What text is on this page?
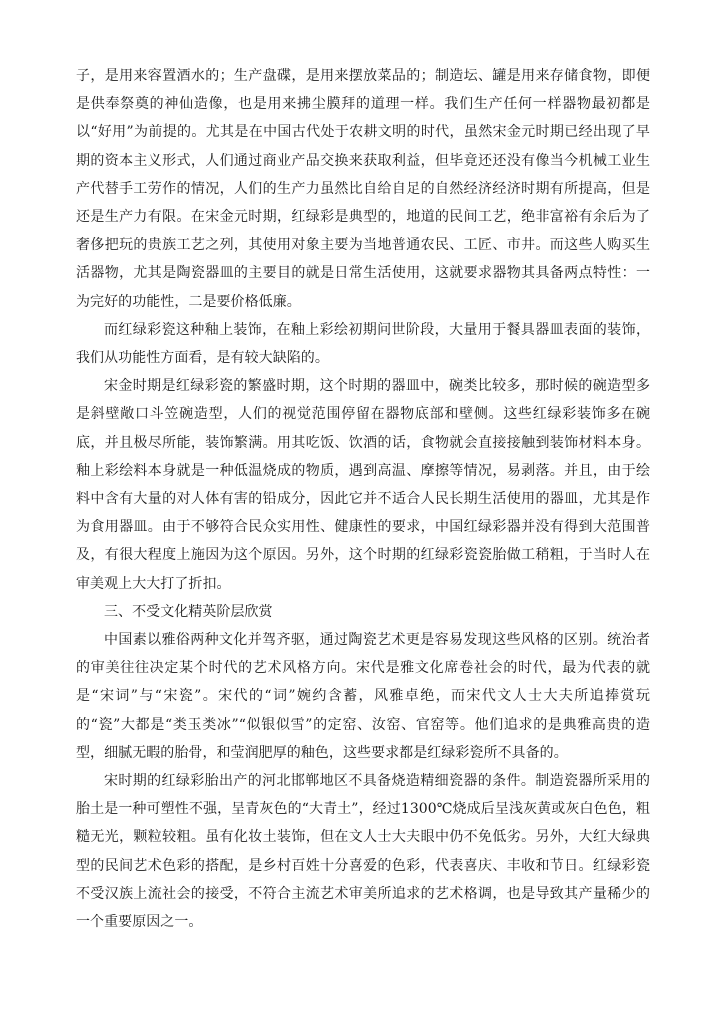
子，是用来容置酒水的；生产盘碟，是用来摆放菜品的；制造坛、罐是用来存储食物，即便是供奉祭奠的神仙造像，也是用来拂尘膜拜的道理一样。我们生产任何一样器物最初都是以“好用”为前提的。尤其是在中国古代处于农耕文明的时代，虽然宋金元时期已经出现了早期的资本主义形式，人们通过商业产品交换来获取利益，但毕竟还还没有像当今机械工业生产代替手工劳作的情况，人们的生产力虽然比自给自足的自然经济经济时期有所提高，但是还是生产力有限。在宋金元时期，红绿彩是典型的，地道的民间工艺，绝非富裕有余后为了奢侈把玩的贵族工艺之列，其使用对象主要为当地普通农民、工匠、市井。而这些人购买生活器物，尤其是陶瓷器皿的主要目的就是日常生活使用，这就要求器物其具备两点特性：一为完好的功能性，二是要价格低廉。

而红绿彩瓷这种釉上装饰，在釉上彩绘初期问世阶段，大量用于餐具器皿表面的装饰，我们从功能性方面看，是有较大缺陷的。

宋金时期是红绿彩瓷的繁盛时期，这个时期的器皿中，碗类比较多，那时候的碗造型多是斜壁敞口斗笠碗造型，人们的视觉范围停留在器物底部和壁侧。这些红绿彩装饰多在碗底，并且极尽所能，装饰繁满。用其吃饭、饮酒的话，食物就会直接接触到装饰材料本身。釉上彩绘料本身就是一种低温烧成的物质，遇到高温、摩擦等情况，易剥落。并且，由于绘料中含有大量的对人体有害的铅成分，因此它并不适合人民长期生活使用的器皿，尤其是作为食用器皿。由于不够符合民众实用性、健康性的要求，中国红绿彩器并没有得到大范围普及，有很大程度上施因为这个原因。另外，这个时期的红绿彩瓷瓷胎做工稍粗，于当时人在审美观上大大打了折扣。

三、不受文化精英阶层欣赏

中国素以雅俗两种文化并驾齐驱，通过陶瓷艺术更是容易发现这些风格的区别。统治者的审美往往决定某个时代的艺术风格方向。宋代是雅文化席卷社会的时代，最为代表的就是“宋词”与“宋瓷”。宋代的“词”婉约含蓄，风雅卓绝，而宋代文人士大夫所追捧赏玩的“瓷”大都是“类玉类冰”“似银似雪”的定窑、汝窑、官窑等。他们追求的是典雅高贵的造型，细腻无暇的胎骨，和莹润肥厚的釉色，这些要求都是红绿彩瓷所不具备的。

宋时期的红绿彩胎出产的河北邯郸地区不具备烧造精细瓷器的条件。制造瓷器所采用的胎土是一种可塑性不强，呈青灰色的“大青土”，经过1300℃烧成后呈浅灰黄或灰白色色，粗糙无光，颗粒较粗。虽有化妆土装饰，但在文人士大夫眼中仍不免低劣。另外，大红大绿典型的民间艺术色彩的搭配，是乡村百姓十分喜爱的色彩，代表喜庆、丰收和节日。红绿彩瓷不受汉族上流社会的接受，不符合主流艺术审美所追求的艺术格调，也是导致其产量稀少的一个重要原因之一。
